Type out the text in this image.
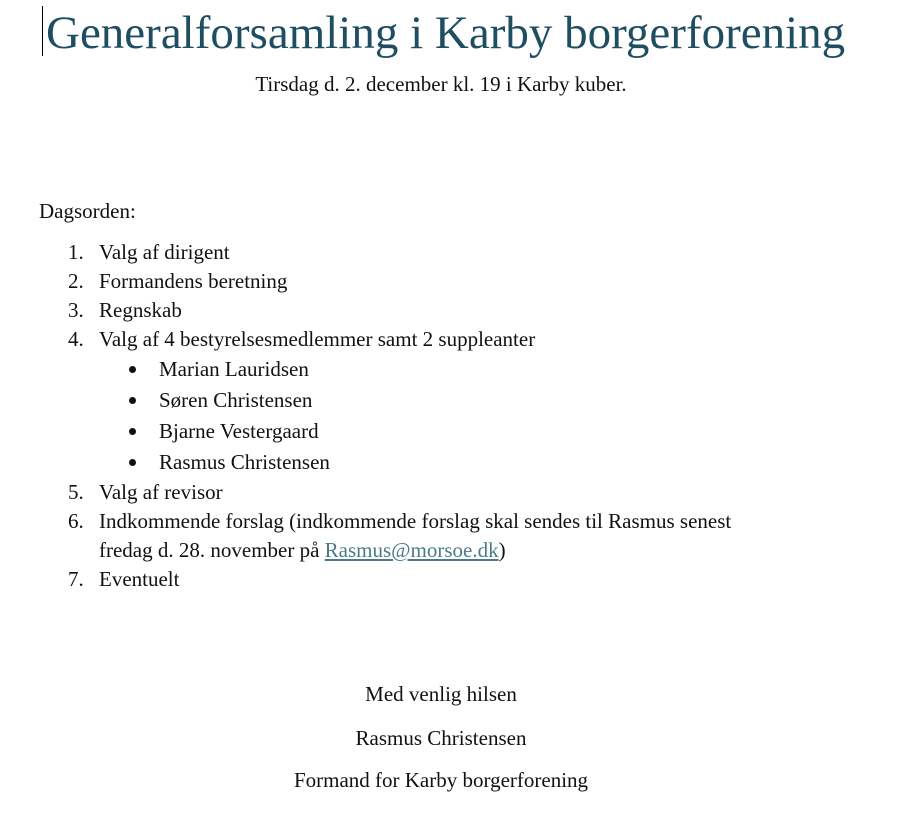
Generalforsamling i Karby borgerforening
Tirsdag d. 2. december kl. 19 i Karby kuber.
Dagsorden:
1. Valg af dirigent
2. Formandens beretning
3. Regnskab
4. Valg af 4 bestyrelsesmedlemmer samt 2 suppleanter
Marian Lauridsen
Søren Christensen
Bjarne Vestergaard
Rasmus Christensen
5. Valg af revisor
6. Indkommende forslag (indkommende forslag skal sendes til Rasmus senest
fredag d. 28. november på Rasmus@morsoe.dk)
7. Eventuelt
Med venlig hilsen
Rasmus Christensen
Formand for Karby borgerforening
